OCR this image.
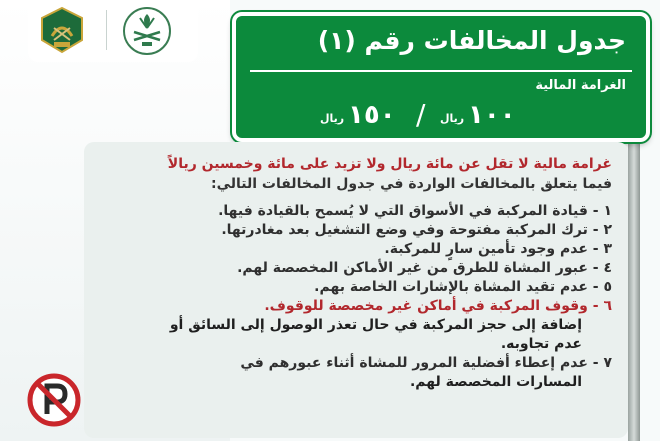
جدول المخالفات رقم (١)
الغرامة المالية
١٠٠
ريال
/
١٥٠
ريال
غرامة مالية لا تقل عن مائة ريال ولا تزيد على مائة وخمسين ريالاً
فيما يتعلق بالمخالفات الواردة في جدول المخالفات التالي:
١ - قيادة المركبة في الأسواق التي لا يُسمح بالقيادة فيها.
٢ - ترك المركبة مفتوحة وفي وضع التشغيل بعد مغادرتها.
٣ - عدم وجود تأمين سارٍ للمركبة.
٤ - عبور المشاة للطرق من غير الأماكن المخصصة لهم.
٥ - عدم تقيد المشاة بالإشارات الخاصة بهم.
٦ - وقوف المركبة في أماكن غير مخصصة للوقوف.
إضافة إلى حجز المركبة في حال تعذر الوصول إلى السائق أو
عدم تجاوبه.
٧ - عدم إعطاء أفضلية المرور للمشاة أثناء عبورهم في
المسارات المخصصة لهم.
